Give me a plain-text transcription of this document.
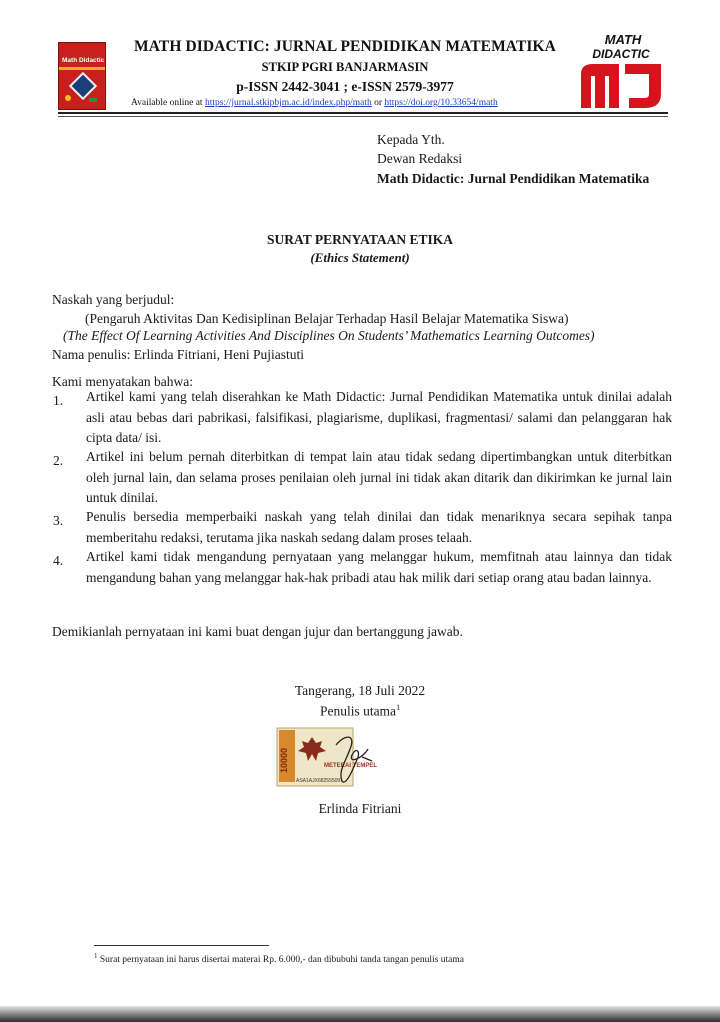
Math Didactic
MATH DIDACTIC: JURNAL PENDIDIKAN MATEMATIKA
STKIP PGRI BANJARMASIN
p-ISSN 2442-3041 ; e-ISSN 2579-3977
Available online at https://jurnal.stkipbjm.ac.id/index.php/math or https://doi.org/10.33654/math
MATH
DIDACTIC
Kepada Yth.
Dewan Redaksi
Math Didactic: Jurnal Pendidikan Matematika
SURAT PERNYATAAN ETIKA
(Ethics Statement)
Naskah yang berjudul:
(Pengaruh Aktivitas Dan Kedisiplinan Belajar Terhadap Hasil Belajar Matematika Siswa)
(The Effect Of Learning Activities And Disciplines On Students’ Mathematics Learning Outcomes)
Nama penulis: Erlinda Fitriani, Heni Pujiastuti
Kami menyatakan bahwa:
1. Artikel kami yang telah diserahkan ke Math Didactic: Jurnal Pendidikan Matematika untuk dinilai adalah asli atau bebas dari pabrikasi, falsifikasi, plagiarisme, duplikasi, fragmentasi/ salami dan pelanggaran hak cipta data/ isi.
2. Artikel ini belum pernah diterbitkan di tempat lain atau tidak sedang dipertimbangkan untuk diterbitkan oleh jurnal lain, dan selama proses penilaian oleh jurnal ini tidak akan ditarik dan dikirimkan ke jurnal lain untuk dinilai.
3. Penulis bersedia memperbaiki naskah yang telah dinilai dan tidak menariknya secara sepihak tanpa memberitahu redaksi, terutama jika naskah sedang dalam proses telaah.
4. Artikel kami tidak mengandung pernyataan yang melanggar hukum, memfitnah atau lainnya dan tidak mengandung bahan yang melanggar hak-hak pribadi atau hak milik dari setiap orang atau badan lainnya.
Demikianlah pernyataan ini kami buat dengan jujur dan bertanggung jawab.
Tangerang, 18 Juli 2022
Penulis utama$^1$
10000	METERAI TEMPEL
ASA1AJX682555091
Erlinda Fitriani
$^1$ Surat pernyataan ini harus disertai materai Rp. 6.000,- dan dibubuhi tanda tangan penulis utama
